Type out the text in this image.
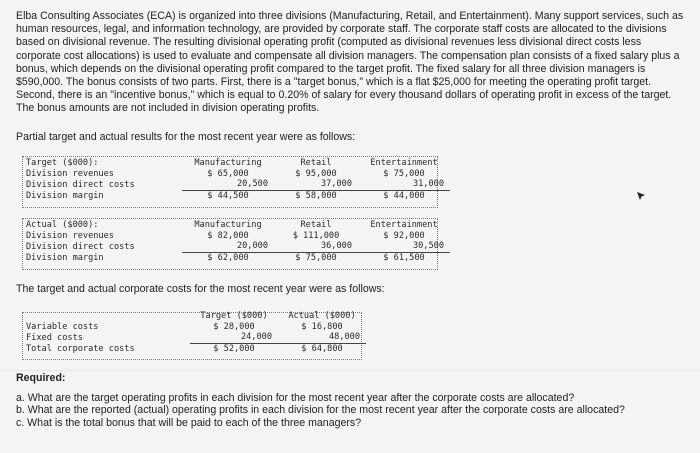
Elba Consulting Associates (ECA) is organized into three divisions (Manufacturing, Retail, and Entertainment). Many support services, such as human resources, legal, and information technology, are provided by corporate staff. The corporate staff costs are allocated to the divisions based on divisional revenue. The resulting divisional operating profit (computed as divisional revenues less divisional direct costs less corporate cost allocations) is used to evaluate and compensate all division managers. The compensation plan consists of a fixed salary plus a bonus, which depends on the divisional operating profit compared to the target profit. The fixed salary for all three division managers is $590,000. The bonus consists of two parts. First, there is a "target bonus," which is a flat $25,000 for meeting the operating profit target. Second, there is an "incentive bonus," which is equal to 0.20% of salary for every thousand dollars of operating profit in excess of the target. The bonus amounts are not included in division operating profits.
Partial target and actual results for the most recent year were as follows:
Target ($000):	Manufacturing	Retail	Entertainment
Division revenues	$ 65,000	$ 95,000	$ 75,000
Division direct costs	20,500	37,000	31,000
Division margin	$ 44,500	$ 58,000	$ 44,000
Actual ($000):	Manufacturing	Retail	Entertainment
Division revenues	$ 82,000	$ 111,000	$ 92,000
Division direct costs	20,000	36,000	30,500
Division margin	$ 62,000	$ 75,000	$ 61,500
The target and actual corporate costs for the most recent year were as follows:
	Target ($000)	Actual ($000)
Variable costs	$ 28,000	$ 16,800
Fixed costs	24,000	48,000
Total corporate costs	$ 52,000	$ 64,800
Required:
a. What are the target operating profits in each division for the most recent year after the corporate costs are allocated?
b. What are the reported (actual) operating profits in each division for the most recent year after the corporate costs are allocated?
c. What is the total bonus that will be paid to each of the three managers?
